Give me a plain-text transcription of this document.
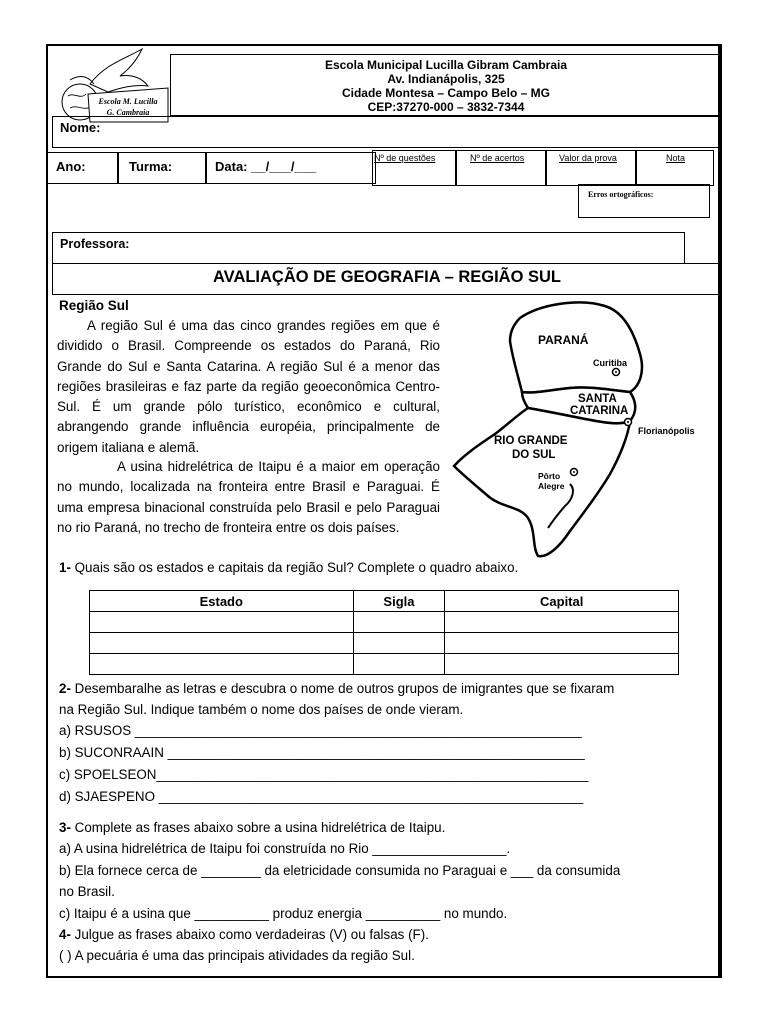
Escola M. Lucilla
G. Cambraia
Escola Municipal Lucilla Gibram Cambraia
Av. Indianápolis, 325
Cidade Montesa – Campo Belo – MG
CEP:37270-000 – 3832-7344
Nome:
Ano:	Turma:	Data: __/___/___
Nº de questões	Nº de acertos	Valor da prova	Nota
Erros ortográficos:
Professora:
AVALIAÇÃO DE GEOGRAFIA – REGIÃO SUL
Região Sul
A região Sul é uma das cinco grandes regiões em que é dividido o Brasil. Compreende os estados do Paraná, Rio Grande do Sul e Santa Catarina. A região Sul é a menor das regiões brasileiras e faz parte da região geoeconômica Centro-Sul. É um grande pólo turístico, econômico e cultural, abrangendo grande influência européia, principalmente de origem italiana e alemã.
A usina hidrelétrica de Itaipu é a maior em operação no mundo, localizada na fronteira entre Brasil e Paraguai. É uma empresa binacional construída pelo Brasil e pelo Paraguai no rio Paraná, no trecho de fronteira entre os dois países.
PARANÁ
Curitiba
SANTA
CATARINA
Florianópolis
RIO GRANDE
DO SUL
Pôrto
Alegre
1- Quais são os estados e capitais da região Sul? Complete o quadro abaixo.
Estado	Sigla	Capital

2- Desembaralhe as letras e descubra o nome de outros grupos de imigrantes que se fixaram
na Região Sul. Indique também o nome dos países de onde vieram.
a) RSUSOS ____________________________________________________________
b) SUCONRAAIN ________________________________________________________
c) SPOELSEON__________________________________________________________
d) SJAESPENO _________________________________________________________
3- Complete as frases abaixo sobre a usina hidrelétrica de Itaipu.
a) A usina hidrelétrica de Itaipu foi construída no Rio __________________.
b) Ela fornece cerca de ________ da eletricidade consumida no Paraguai e ___ da consumida
no Brasil.
c) Itaipu é a usina que __________ produz energia __________ no mundo.
4- Julgue as frases abaixo como verdadeiras (V) ou falsas (F).
( ) A pecuária é uma das principais atividades da região Sul.
